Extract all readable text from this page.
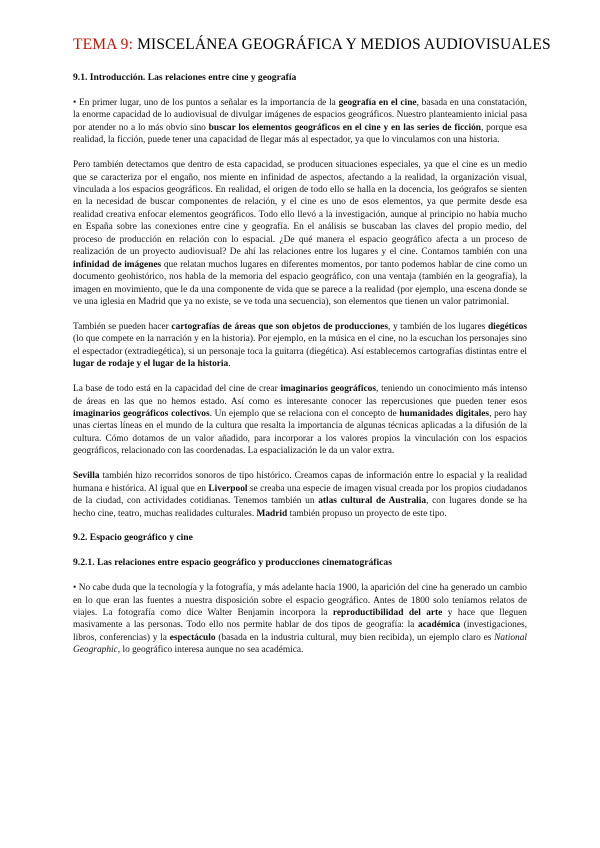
TEMA 9: MISCELÁNEA GEOGRÁFICA Y MEDIOS AUDIOVISUALES

9.1. Introducción. Las relaciones entre cine y geografía

• En primer lugar, uno de los puntos a señalar es la importancia de la geografía en el cine, basada en una constatación, la enorme capacidad de lo audiovisual de divulgar imágenes de espacios geográficos. Nuestro planteamiento inicial pasa por atender no a lo más obvio sino buscar los elementos geográficos en el cine y en las series de ficción, porque esa realidad, la ficción, puede tener una capacidad de llegar más al espectador, ya que lo vinculamos con una historia.

Pero también detectamos que dentro de esta capacidad, se producen situaciones especiales, ya que el cine es un medio que se caracteriza por el engaño, nos miente en infinidad de aspectos, afectando a la realidad, la organización visual, vinculada a los espacios geográficos. En realidad, el origen de todo ello se halla en la docencia, los geógrafos se sienten en la necesidad de buscar componentes de relación, y el cine es uno de esos elementos, ya que permite desde esa realidad creativa enfocar elementos geográficos. Todo ello llevó a la investigación, aunque al principio no había mucho en España sobre las conexiones entre cine y geografía. En el análisis se buscaban las claves del propio medio, del proceso de producción en relación con lo espacial. ¿De qué manera el espacio geográfico afecta a un proceso de realización de un proyecto audiovisual? De ahí las relaciones entre los lugares y el cine. Contamos también con una infinidad de imágenes que relatan muchos lugares en diferentes momentos, por tanto podemos hablar de cine como un documento geohistórico, nos habla de la memoria del espacio geográfico, con una ventaja (también en la geografía), la imagen en movimiento, que le da una componente de vida que se parece a la realidad (por ejemplo, una escena donde se ve una iglesia en Madrid que ya no existe, se ve toda una secuencia), son elementos que tienen un valor patrimonial.

También se pueden hacer cartografías de áreas que son objetos de producciones, y también de los lugares diegéticos (lo que compete en la narración y en la historia). Por ejemplo, en la música en el cine, no la escuchan los personajes sino el espectador (extradiegética), si un personaje toca la guitarra (diegética). Así establecemos cartografías distintas entre el lugar de rodaje y el lugar de la historia.

La base de todo está en la capacidad del cine de crear imaginarios geográficos, teniendo un conocimiento más intenso de áreas en las que no hemos estado. Así como es interesante conocer las repercusiones que pueden tener esos imaginarios geográficos colectivos. Un ejemplo que se relaciona con el concepto de humanidades digitales, pero hay unas ciertas líneas en el mundo de la cultura que resalta la importancia de algunas técnicas aplicadas a la difusión de la cultura. Cómo dotamos de un valor añadido, para incorporar a los valores propios la vinculación con los espacios geográficos, relacionado con las coordenadas. La espacialización le da un valor extra.

Sevilla también hizo recorridos sonoros de tipo histórico. Creamos capas de información entre lo espacial y la realidad humana e histórica. Al igual que en Liverpool se creaba una especie de imagen visual creada por los propios ciudadanos de la ciudad, con actividades cotidianas. Tenemos también un atlas cultural de Australia, con lugares donde se ha hecho cine, teatro, muchas realidades culturales. Madrid también propuso un proyecto de este tipo.

9.2. Espacio geográfico y cine

9.2.1. Las relaciones entre espacio geográfico y producciones cinematográficas

• No cabe duda que la tecnología y la fotografía, y más adelante hacia 1900, la aparición del cine ha generado un cambio en lo que eran las fuentes a nuestra disposición sobre el espacio geográfico. Antes de 1800 solo teníamos relatos de viajes. La fotografía como dice Walter Benjamin incorpora la reproductibilidad del arte y hace que lleguen masivamente a las personas. Todo ello nos permite hablar de dos tipos de geografía: la académica (investigaciones, libros, conferencias) y la espectáculo (basada en la industria cultural, muy bien recibida), un ejemplo claro es National Geographic, lo geográfico interesa aunque no sea académica.
